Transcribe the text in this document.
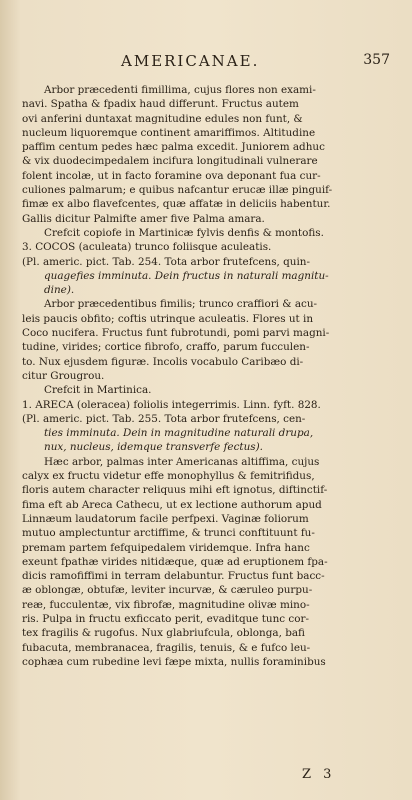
AMERICANAE.	357
Arbor præcedenti fimillima, cujus flores non exami-
navi. Spatha & fpadix haud differunt. Fructus autem
ovi anferini duntaxat magnitudine edules non funt, &
nucleum liquoremque continent amariffimos. Altitudine
paffim centum pedes hæc palma excedit. Juniorem adhuc
& vix duodecimpedalem incifura longitudinali vulnerare
folent incolæ, ut in facto foramine ova deponant fua cur-
culiones palmarum; e quibus nafcantur erucæ illæ pinguif-
fimæ ex albo flavefcentes, quæ affatæ in deliciis habentur.
Gallis dicitur Palmifte amer five Palma amara.
Crefcit copiofe in Martinicæ fylvis denfis & montofis.
3. COCOS (aculeata) trunco foliisque aculeatis.
(Pl. americ. pict. Tab. 254. Tota arbor frutefcens, quin-
quagefies imminuta. Dein fructus in naturali magnitu-
dine).
Arbor præcedentibus fimilis; trunco craffiori & acu-
leis paucis obfito; coftis utrinque aculeatis. Flores ut in
Coco nucifera. Fructus funt fubrotundi, pomi parvi magni-
tudine, virides; cortice fibrofo, craffo, parum fucculen-
to. Nux ejusdem figuræ. Incolis vocabulo Caribæo di-
citur Grougrou.
Crefcit in Martinica.
1. ARECA (oleracea) foliolis integerrimis. Linn. fyft. 828.
(Pl. americ. pict. Tab. 255. Tota arbor frutefcens, cen-
ties imminuta. Dein in magnitudine naturali drupa,
nux, nucleus, idemque transverfe fectus).
Hæc arbor, palmas inter Americanas altiffima, cujus
calyx ex fructu videtur effe monophyllus & femitrifidus,
floris autem character reliquus mihi eft ignotus, diftinctif-
fima eft ab Areca Cathecu, ut ex lectione authorum apud
Linnæum laudatorum facile perfpexi. Vaginæ foliorum
mutuo amplectuntur arctiffime, & trunci conftituunt fu-
premam partem fefquipedalem viridemque. Infra hanc
exeunt fpathæ virides nitidæque, quæ ad eruptionem fpa-
dicis ramofiffimi in terram delabuntur. Fructus funt bacc-
æ oblongæ, obtufæ, leviter incurvæ, & cæruleo purpu-
reæ, fucculentæ, vix fibrofæ, magnitudine olivæ mino-
ris. Pulpa in fructu exficcato perit, evaditque tunc cor-
tex fragilis & rugofus. Nux glabriufcula, oblonga, bafi
fubacuta, membranacea, fragilis, tenuis, & e fufco leu-
cophæa cum rubedine levi fæpe mixta, nullis foraminibus
Z 3
